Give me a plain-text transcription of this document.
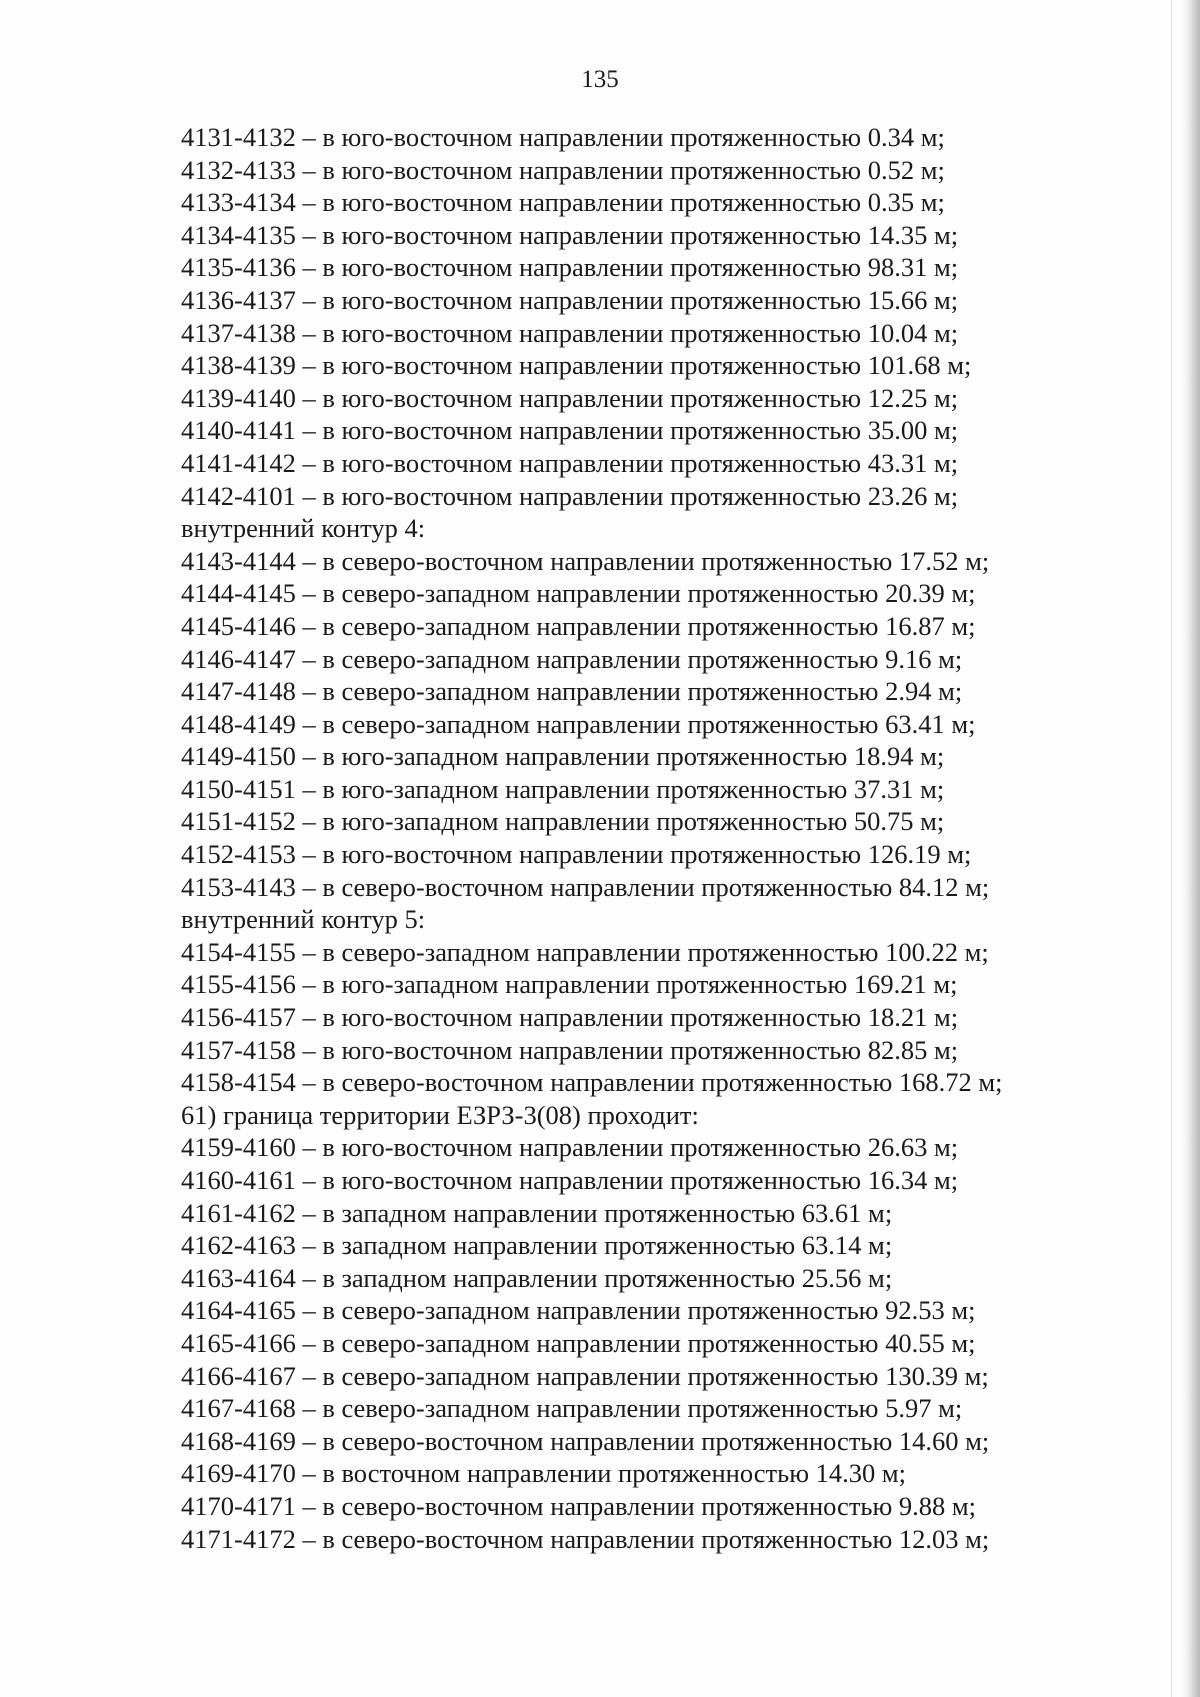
135
4131-4132 – в юго-восточном направлении протяженностью 0.34 м;
4132-4133 – в юго-восточном направлении протяженностью 0.52 м;
4133-4134 – в юго-восточном направлении протяженностью 0.35 м;
4134-4135 – в юго-восточном направлении протяженностью 14.35 м;
4135-4136 – в юго-восточном направлении протяженностью 98.31 м;
4136-4137 – в юго-восточном направлении протяженностью 15.66 м;
4137-4138 – в юго-восточном направлении протяженностью 10.04 м;
4138-4139 – в юго-восточном направлении протяженностью 101.68 м;
4139-4140 – в юго-восточном направлении протяженностью 12.25 м;
4140-4141 – в юго-восточном направлении протяженностью 35.00 м;
4141-4142 – в юго-восточном направлении протяженностью 43.31 м;
4142-4101 – в юго-восточном направлении протяженностью 23.26 м;
внутренний контур 4:
4143-4144 – в северо-восточном направлении протяженностью 17.52 м;
4144-4145 – в северо-западном направлении протяженностью 20.39 м;
4145-4146 – в северо-западном направлении протяженностью 16.87 м;
4146-4147 – в северо-западном направлении протяженностью 9.16 м;
4147-4148 – в северо-западном направлении протяженностью 2.94 м;
4148-4149 – в северо-западном направлении протяженностью 63.41 м;
4149-4150 – в юго-западном направлении протяженностью 18.94 м;
4150-4151 – в юго-западном направлении протяженностью 37.31 м;
4151-4152 – в юго-западном направлении протяженностью 50.75 м;
4152-4153 – в юго-восточном направлении протяженностью 126.19 м;
4153-4143 – в северо-восточном направлении протяженностью 84.12 м;
внутренний контур 5:
4154-4155 – в северо-западном направлении протяженностью 100.22 м;
4155-4156 – в юго-западном направлении протяженностью 169.21 м;
4156-4157 – в юго-восточном направлении протяженностью 18.21 м;
4157-4158 – в юго-восточном направлении протяженностью 82.85 м;
4158-4154 – в северо-восточном направлении протяженностью 168.72 м;
61) граница территории ЕЗРЗ-3(08) проходит:
4159-4160 – в юго-восточном направлении протяженностью 26.63 м;
4160-4161 – в юго-восточном направлении протяженностью 16.34 м;
4161-4162 – в западном направлении протяженностью 63.61 м;
4162-4163 – в западном направлении протяженностью 63.14 м;
4163-4164 – в западном направлении протяженностью 25.56 м;
4164-4165 – в северо-западном направлении протяженностью 92.53 м;
4165-4166 – в северо-западном направлении протяженностью 40.55 м;
4166-4167 – в северо-западном направлении протяженностью 130.39 м;
4167-4168 – в северо-западном направлении протяженностью 5.97 м;
4168-4169 – в северо-восточном направлении протяженностью 14.60 м;
4169-4170 – в восточном направлении протяженностью 14.30 м;
4170-4171 – в северо-восточном направлении протяженностью 9.88 м;
4171-4172 – в северо-восточном направлении протяженностью 12.03 м;
